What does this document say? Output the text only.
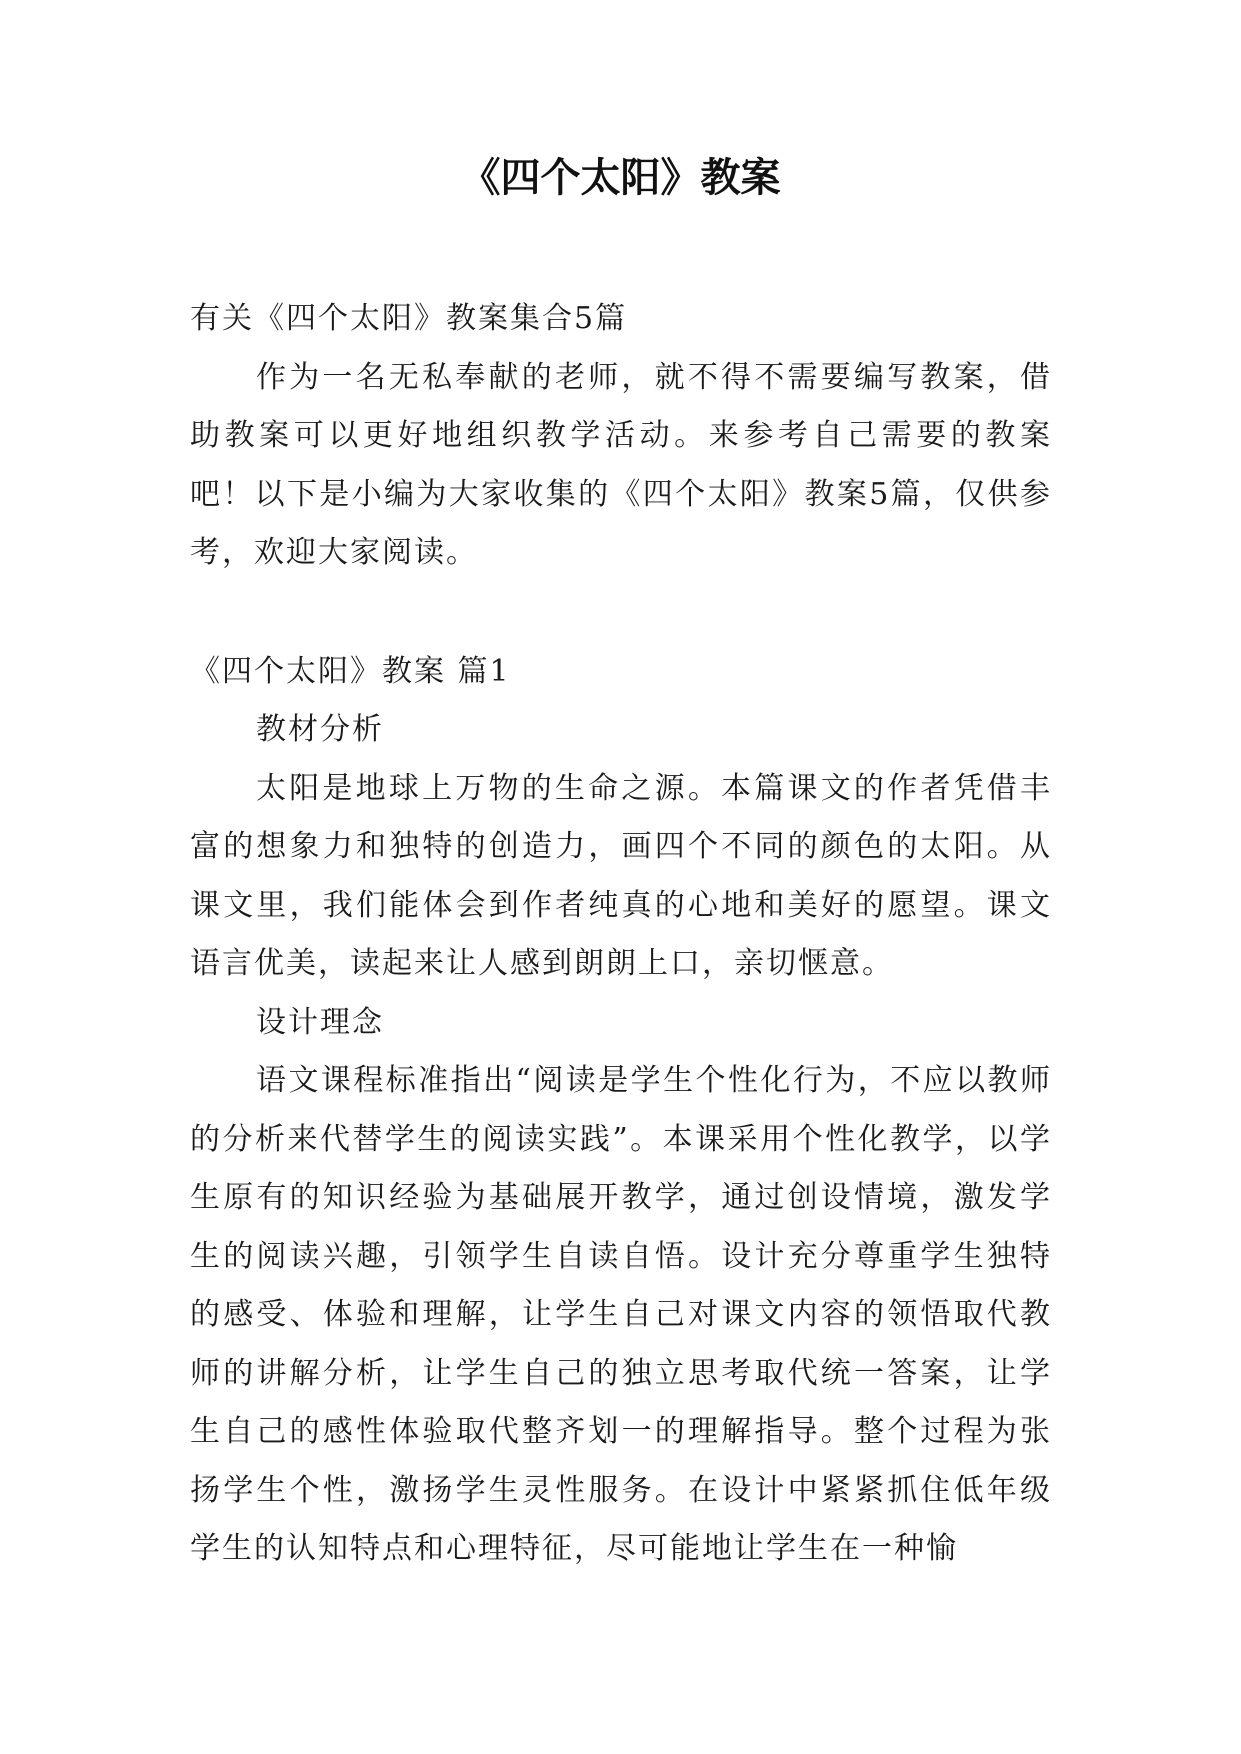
《四个太阳》教案

有关《四个太阳》教案集合5篇

作为一名无私奉献的老师，就不得不需要编写教案，借助教案可以更好地组织教学活动。来参考自己需要的教案吧！以下是小编为大家收集的《四个太阳》教案5篇，仅供参考，欢迎大家阅读。

《四个太阳》教案 篇1

教材分析

太阳是地球上万物的生命之源。本篇课文的作者凭借丰富的想象力和独特的创造力，画四个不同的颜色的太阳。从课文里，我们能体会到作者纯真的心地和美好的愿望。课文语言优美，读起来让人感到朗朗上口，亲切惬意。

设计理念

语文课程标准指出“阅读是学生个性化行为，不应以教师的分析来代替学生的阅读实践”。本课采用个性化教学，以学生原有的知识经验为基础展开教学，通过创设情境，激发学生的阅读兴趣，引领学生自读自悟。设计充分尊重学生独特的感受、体验和理解，让学生自己对课文内容的领悟取代教师的讲解分析，让学生自己的独立思考取代统一答案，让学生自己的感性体验取代整齐划一的理解指导。整个过程为张扬学生个性，激扬学生灵性服务。在设计中紧紧抓住低年级学生的认知特点和心理特征，尽可能地让学生在一种愉
